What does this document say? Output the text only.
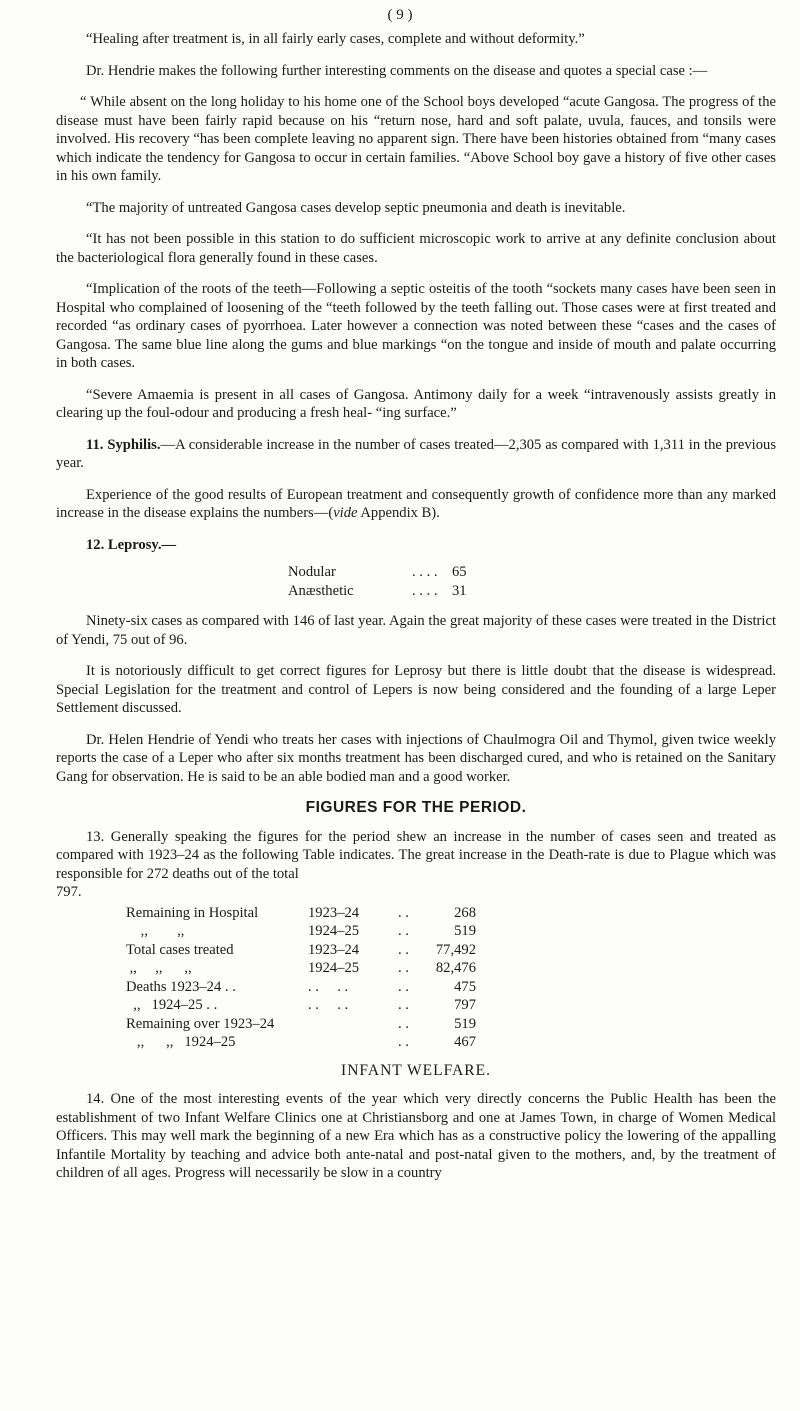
( 9 )

“Healing after treatment is, in all fairly early cases, complete and without deformity.”

Dr. Hendrie makes the following further interesting comments on the disease and quotes a special case :—

“ While absent on the long holiday to his home one of the School boys developed “acute Gangosa. The progress of the disease must have been fairly rapid because on his “return nose, hard and soft palate, uvula, fauces, and tonsils were involved. His recovery “has been complete leaving no apparent sign. There have been histories obtained from “many cases which indicate the tendency for Gangosa to occur in certain families. “Above School boy gave a history of five other cases in his own family.

“The majority of untreated Gangosa cases develop septic pneumonia and death is inevitable.

“It has not been possible in this station to do sufficient microscopic work to arrive at any definite conclusion about the bacteriological flora generally found in these cases.

“Implication of the roots of the teeth—Following a septic osteitis of the tooth “sockets many cases have been seen in Hospital who complained of loosening of the “teeth followed by the teeth falling out. Those cases were at first treated and recorded “as ordinary cases of pyorrhoea. Later however a connection was noted between these “cases and the cases of Gangosa. The same blue line along the gums and blue markings “on the tongue and inside of mouth and palate occurring in both cases.

“Severe Amaemia is present in all cases of Gangosa. Antimony daily for a week “intravenously assists greatly in clearing up the foul-odour and producing a fresh heal- “ing surface.”

11. Syphilis.—A considerable increase in the number of cases treated—2,305 as compared with 1,311 in the previous year.

Experience of the good results of European treatment and consequently growth of confidence more than any marked increase in the disease explains the numbers—(vide Appendix B).

12. Leprosy.—

Nodular	. . . .	65
Anæsthetic	. . . .	31

Ninety-six cases as compared with 146 of last year. Again the great majority of these cases were treated in the District of Yendi, 75 out of 96.

It is notoriously difficult to get correct figures for Leprosy but there is little doubt that the disease is widespread. Special Legislation for the treatment and control of Lepers is now being considered and the founding of a large Leper Settlement discussed.

Dr. Helen Hendrie of Yendi who treats her cases with injections of Chaulmogra Oil and Thymol, given twice weekly reports the case of a Leper who after six months treatment has been discharged cured, and who is retained on the Sanitary Gang for observation. He is said to be an able bodied man and a good worker.

FIGURES FOR THE PERIOD.

13. Generally speaking the figures for the period shew an increase in the number of cases seen and treated as compared with 1923–24 as the following Table indicates. The great increase in the Death-rate is due to Plague which was responsible for 272 deaths out of the total

797.

Remaining in Hospital	1923–24	. .	268
,,        ,,	1924–25	. .	519
Total cases treated	1923–24	. .	77,492
,,     ,,      ,,	1924–25	. .	82,476
Deaths 1923–24 . .	. .     . .	. .	475
,,   1924–25 . .	. .     . .	. .	797
Remaining over 1923–24		. .	519
,,      ,,   1924–25		. .	467
INFANT WELFARE.

14. One of the most interesting events of the year which very directly concerns the Public Health has been the establishment of two Infant Welfare Clinics one at Christiansborg and one at James Town, in charge of Women Medical Officers. This may well mark the beginning of a new Era which has as a constructive policy the lowering of the appalling Infantile Mortality by teaching and advice both ante-natal and post-natal given to the mothers, and, by the treatment of children of all ages. Progress will necessarily be slow in a country
